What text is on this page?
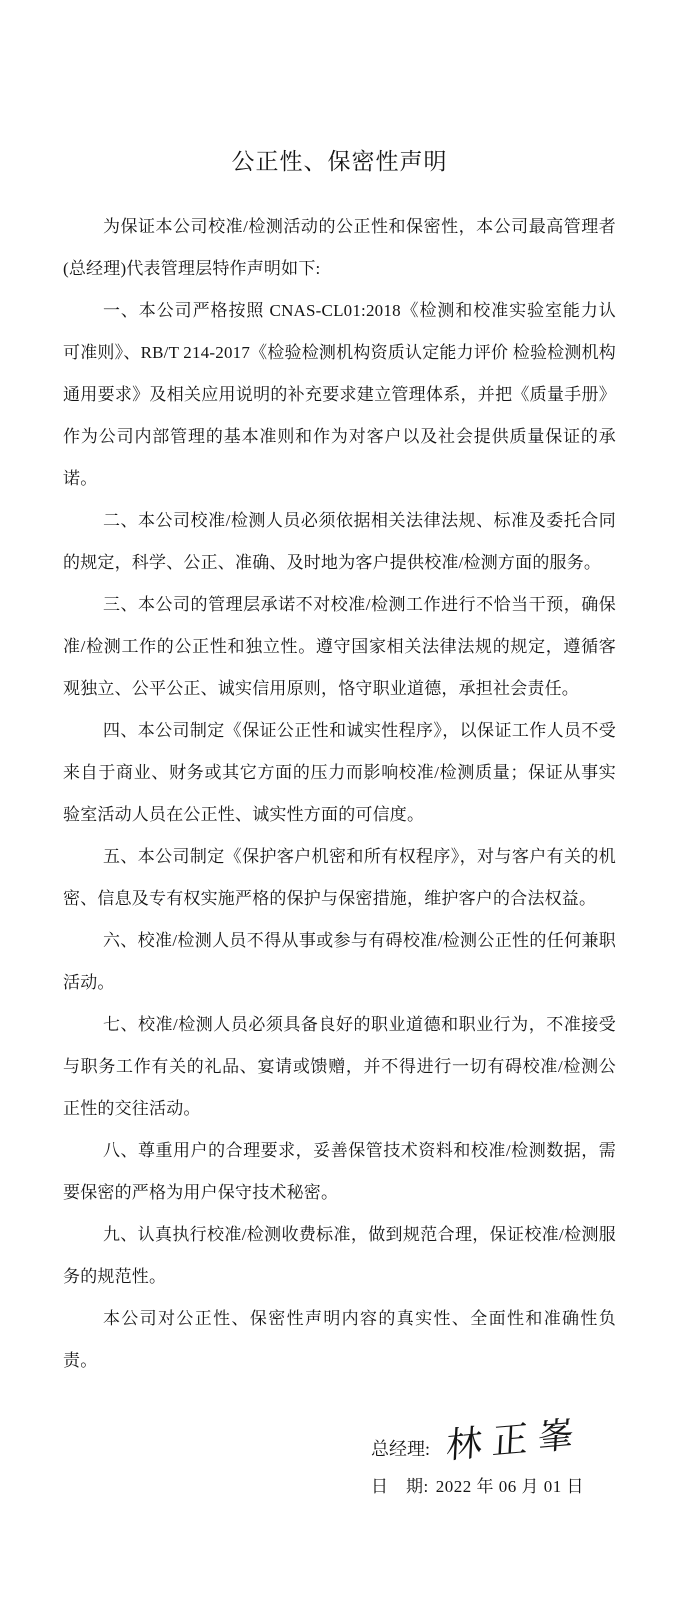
公正性、保密性声明

为保证本公司校准/检测活动的公正性和保密性，本公司最高管理者(总经理)代表管理层特作声明如下:

一、本公司严格按照 CNAS-CL01:2018《检测和校准实验室能力认可准则》、RB/T 214-2017《检验检测机构资质认定能力评价 检验检测机构通用要求》及相关应用说明的补充要求建立管理体系，并把《质量手册》作为公司内部管理的基本准则和作为对客户以及社会提供质量保证的承诺。

二、本公司校准/检测人员必须依据相关法律法规、标准及委托合同的规定，科学、公正、准确、及时地为客户提供校准/检测方面的服务。

三、本公司的管理层承诺不对校准/检测工作进行不恰当干预，确保准/检测工作的公正性和独立性。遵守国家相关法律法规的规定，遵循客观独立、公平公正、诚实信用原则，恪守职业道德，承担社会责任。

四、本公司制定《保证公正性和诚实性程序》，以保证工作人员不受来自于商业、财务或其它方面的压力而影响校准/检测质量；保证从事实验室活动人员在公正性、诚实性方面的可信度。

五、本公司制定《保护客户机密和所有权程序》，对与客户有关的机密、信息及专有权实施严格的保护与保密措施，维护客户的合法权益。

六、校准/检测人员不得从事或参与有碍校准/检测公正性的任何兼职活动。

七、校准/检测人员必须具备良好的职业道德和职业行为，不准接受与职务工作有关的礼品、宴请或馈赠，并不得进行一切有碍校准/检测公正性的交往活动。

八、尊重用户的合理要求，妥善保管技术资料和校准/检测数据，需要保密的严格为用户保守技术秘密。

九、认真执行校准/检测收费标准，做到规范合理，保证校准/检测服务的规范性。

本公司对公正性、保密性声明内容的真实性、全面性和准确性负责。

总经理: 林正峯
日　期: 2022 年 06 月 01 日
